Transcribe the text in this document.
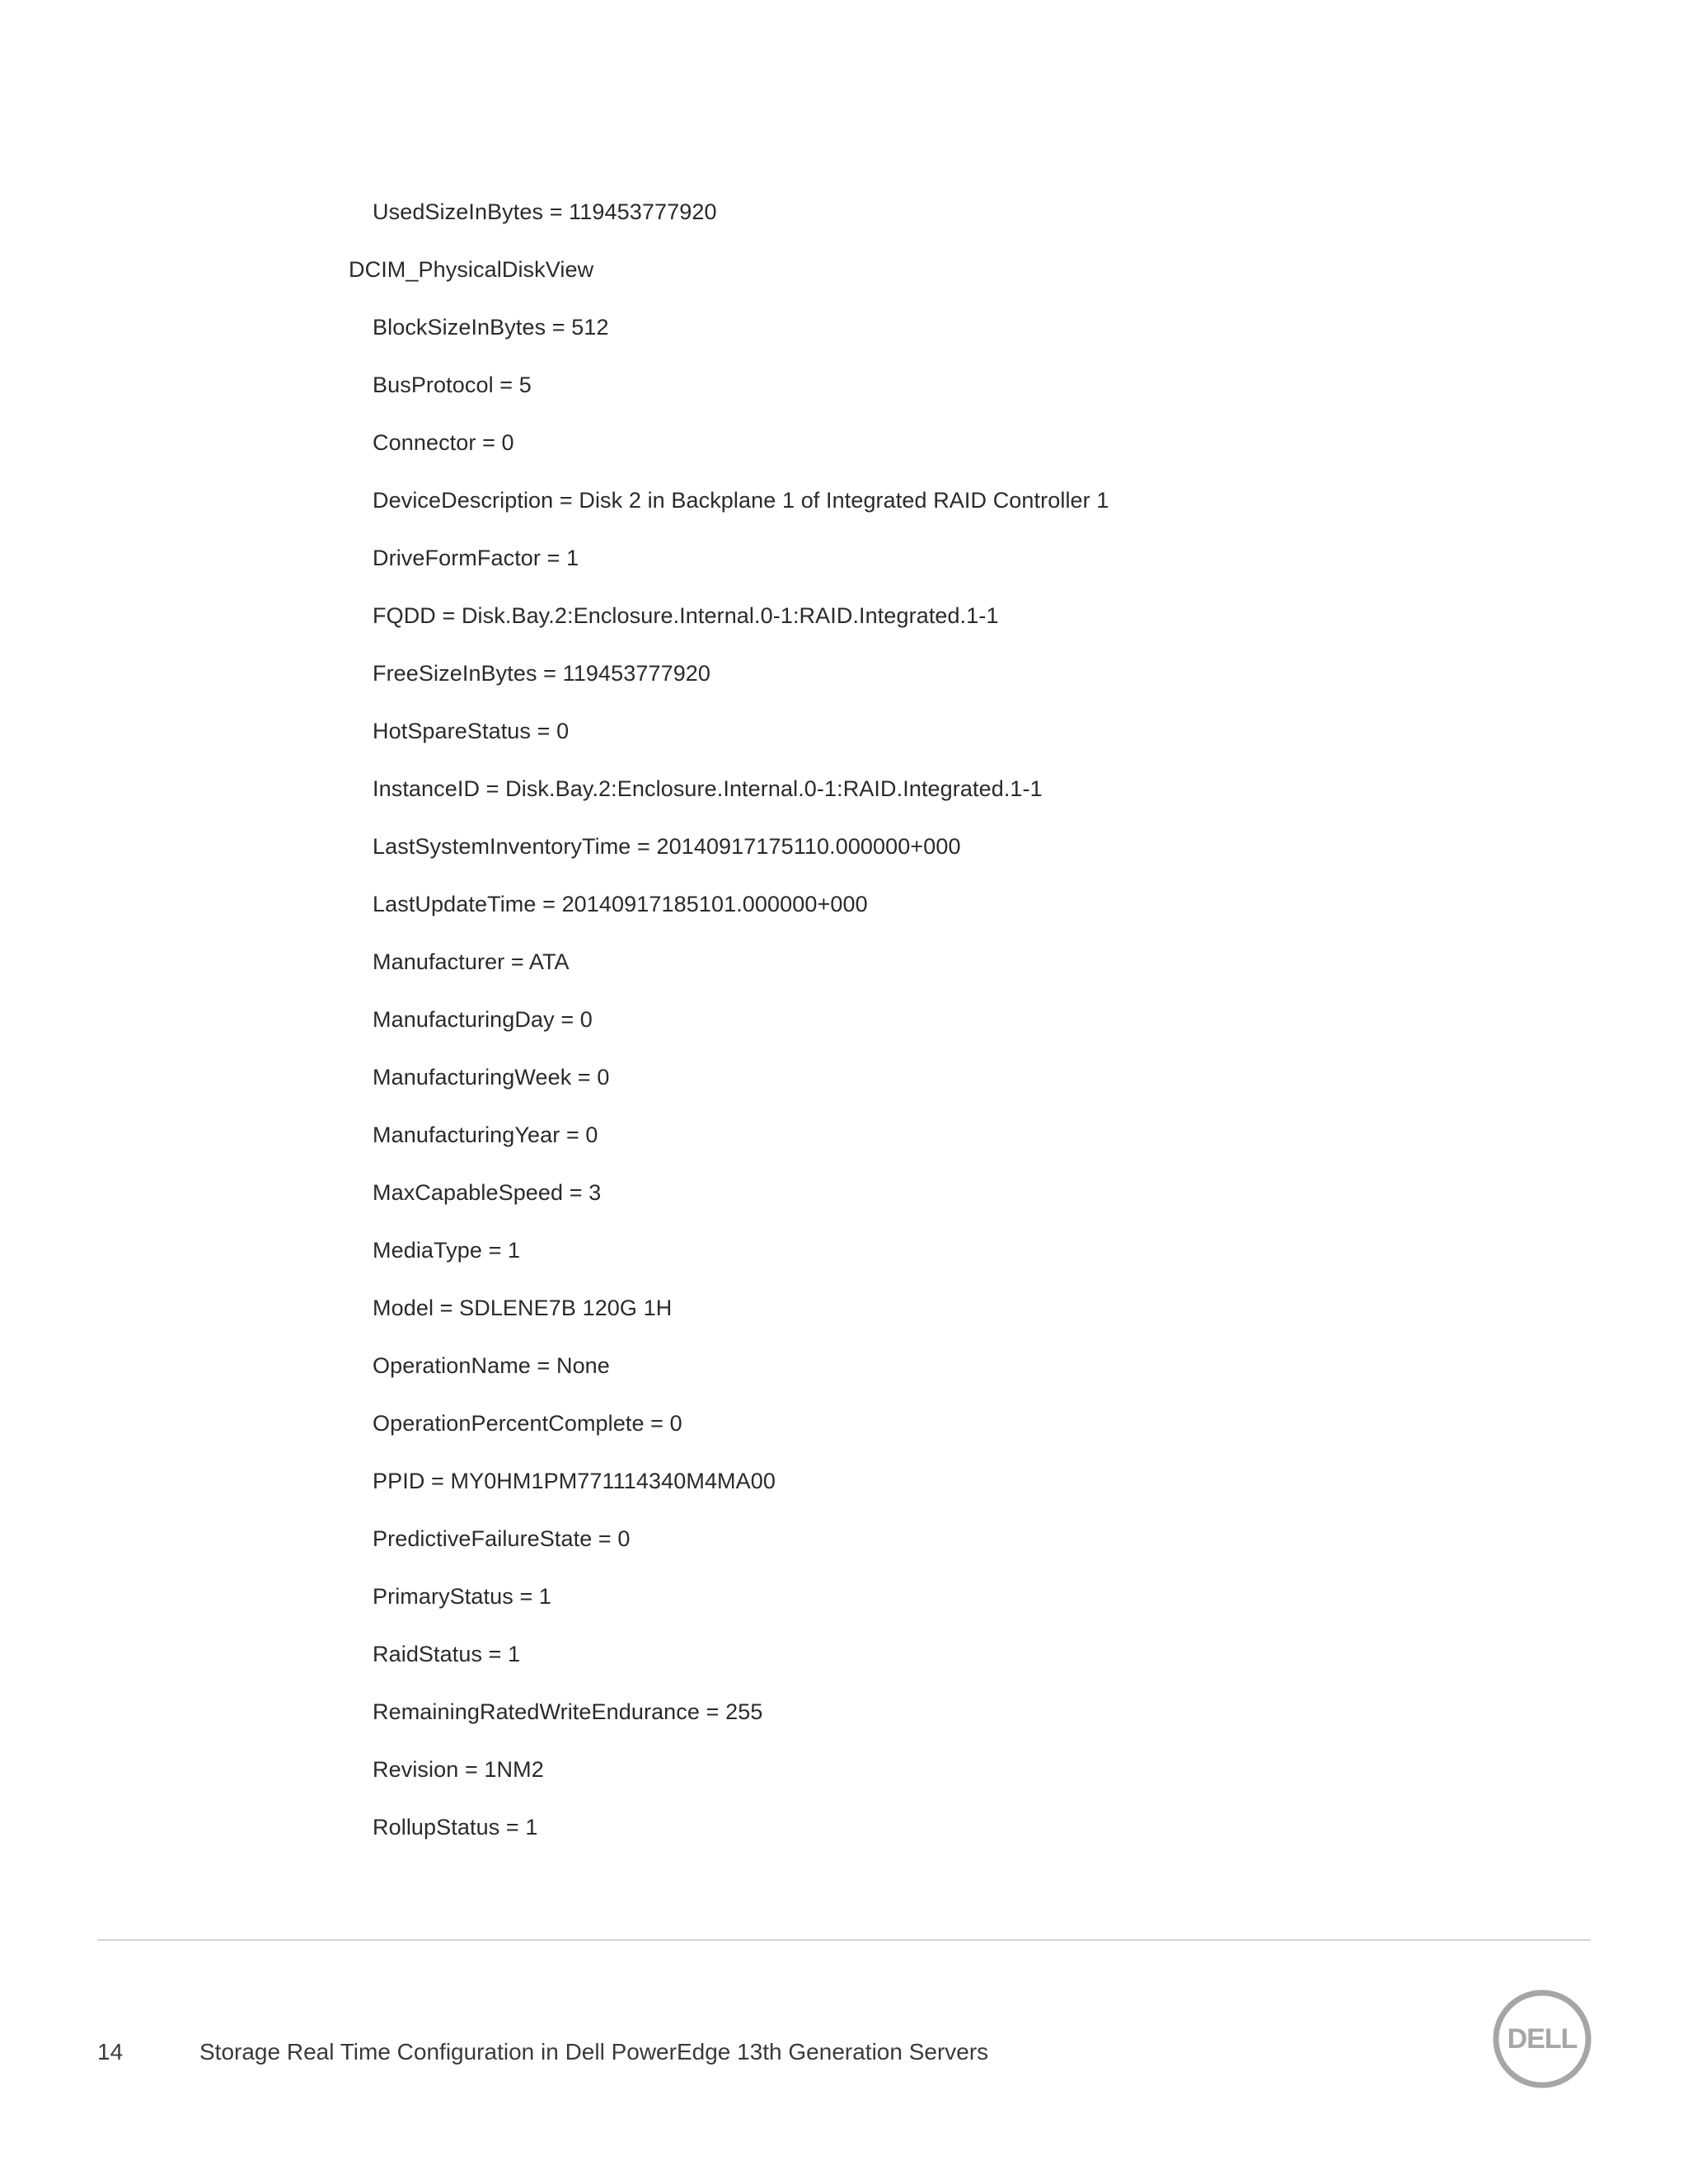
UsedSizeInBytes = 119453777920
DCIM_PhysicalDiskView
BlockSizeInBytes = 512
BusProtocol = 5
Connector = 0
DeviceDescription = Disk 2 in Backplane 1 of Integrated RAID Controller 1
DriveFormFactor = 1
FQDD = Disk.Bay.2:Enclosure.Internal.0-1:RAID.Integrated.1-1
FreeSizeInBytes = 119453777920
HotSpareStatus = 0
InstanceID = Disk.Bay.2:Enclosure.Internal.0-1:RAID.Integrated.1-1
LastSystemInventoryTime = 20140917175110.000000+000
LastUpdateTime = 20140917185101.000000+000
Manufacturer = ATA
ManufacturingDay = 0
ManufacturingWeek = 0
ManufacturingYear = 0
MaxCapableSpeed = 3
MediaType = 1
Model = SDLENE7B 120G 1H
OperationName = None
OperationPercentComplete = 0
PPID = MY0HM1PM771114340M4MA00
PredictiveFailureState = 0
PrimaryStatus = 1
RaidStatus = 1
RemainingRatedWriteEndurance = 255
Revision = 1NM2
RollupStatus = 1
14	Storage Real Time Configuration in Dell PowerEdge 13th Generation Servers	DELL
